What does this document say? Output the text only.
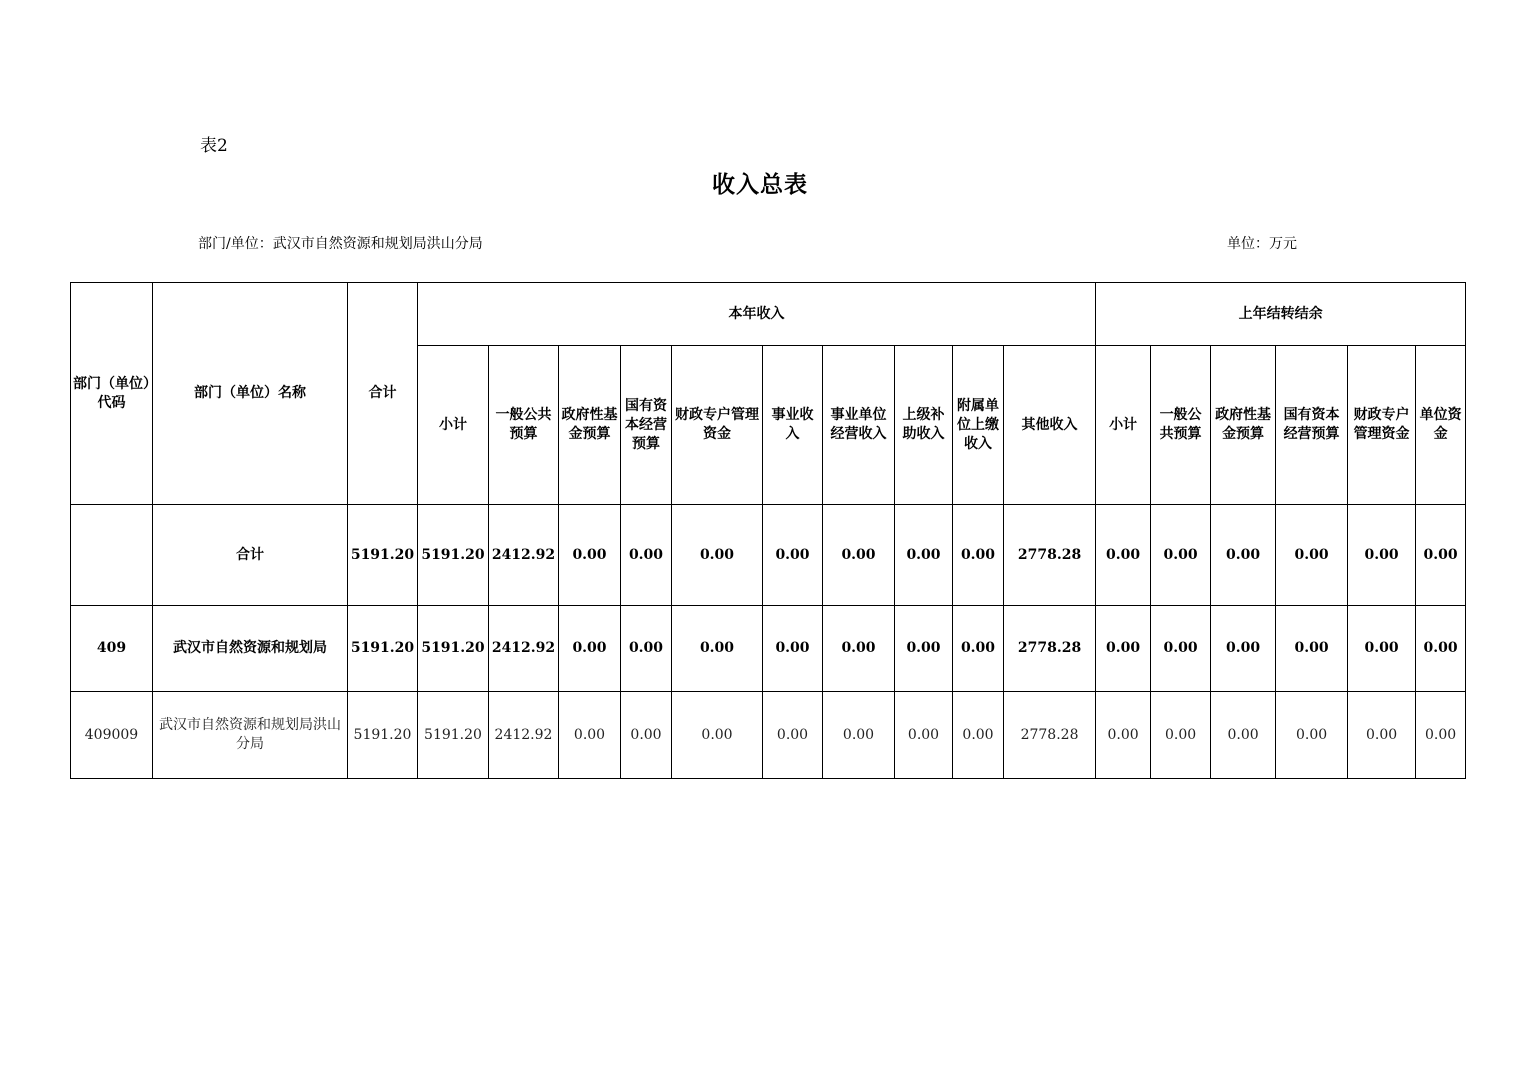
表2
收入总表
部门/单位：武汉市自然资源和规划局洪山分局	单位：万元
部门（单位）代码	部门（单位）名称	合计	本年收入										上年结转结余					
			小计	一般公共预算	政府性基金预算	国有资本经营预算	财政专户管理资金	事业收入	事业单位经营收入	上级补助收入	附属单位上缴收入	其他收入	小计	一般公共预算	政府性基金预算	国有资本经营预算	财政专户管理资金	单位资金
	合计	5191.20	5191.20	2412.92	0.00	0.00	0.00	0.00	0.00	0.00	0.00	2778.28	0.00	0.00	0.00	0.00	0.00	0.00
409	武汉市自然资源和规划局	5191.20	5191.20	2412.92	0.00	0.00	0.00	0.00	0.00	0.00	0.00	2778.28	0.00	0.00	0.00	0.00	0.00	0.00
409009	武汉市自然资源和规划局洪山分局	5191.20	5191.20	2412.92	0.00	0.00	0.00	0.00	0.00	0.00	0.00	2778.28	0.00	0.00	0.00	0.00	0.00	0.00
